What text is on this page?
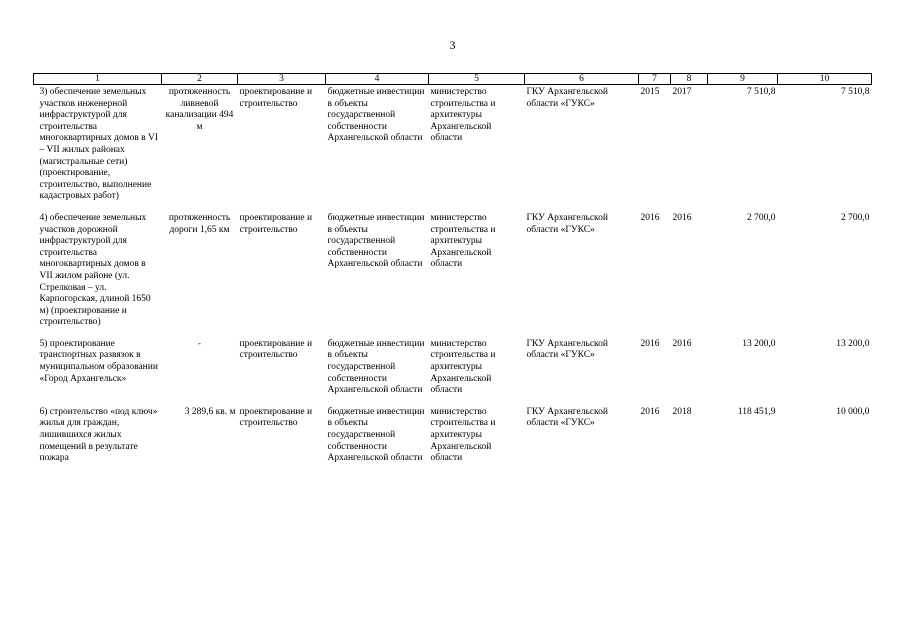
3
1	2	3	4	5	6	7	8	9	10
3) обеспечение земельных участков инженерной инфраструктурой для строительства многоквартирных домов в VI – VII жилых районах (магистральные сети) (проектирование, строительство, выполнение кадастровых работ)	протяженность ливневой канализации 494 м	проектирование и строительство	бюджетные инвестиции в объекты государственной собственности Архангельской области	министерство строительства и архитектуры Архангельской области	ГКУ Архангельской области «ГУКС»	2015	2017	7 510,8	7 510,8
4) обеспечение земельных участков дорожной инфраструктурой для строительства многоквартирных домов в VII жилом районе (ул. Стрелковая – ул. Карпогорская, длиной 1650 м) (проектирование и строительство)	протяженность дороги 1,65 км	проектирование и строительство	бюджетные инвестиции в объекты государственной собственности Архангельской области	министерство строительства и архитектуры Архангельской области	ГКУ Архангельской области «ГУКС»	2016	2016	2 700,0	2 700,0
5) проектирование транспортных развязок в муниципальном образовании «Город Архангельск»	-	проектирование и строительство	бюджетные инвестиции в объекты государственной собственности Архангельской области	министерство строительства и архитектуры Архангельской области	ГКУ Архангельской области «ГУКС»	2016	2016	13 200,0	13 200,0
6) строительство «под ключ» жилья для граждан, лишившихся жилых помещений в результате пожара	3 289,6 кв. м	проектирование и строительство	бюджетные инвестиции в объекты государственной собственности Архангельской области	министерство строительства и архитектуры Архангельской области	ГКУ Архангельской области «ГУКС»	2016	2018	118 451,9	10 000,0
